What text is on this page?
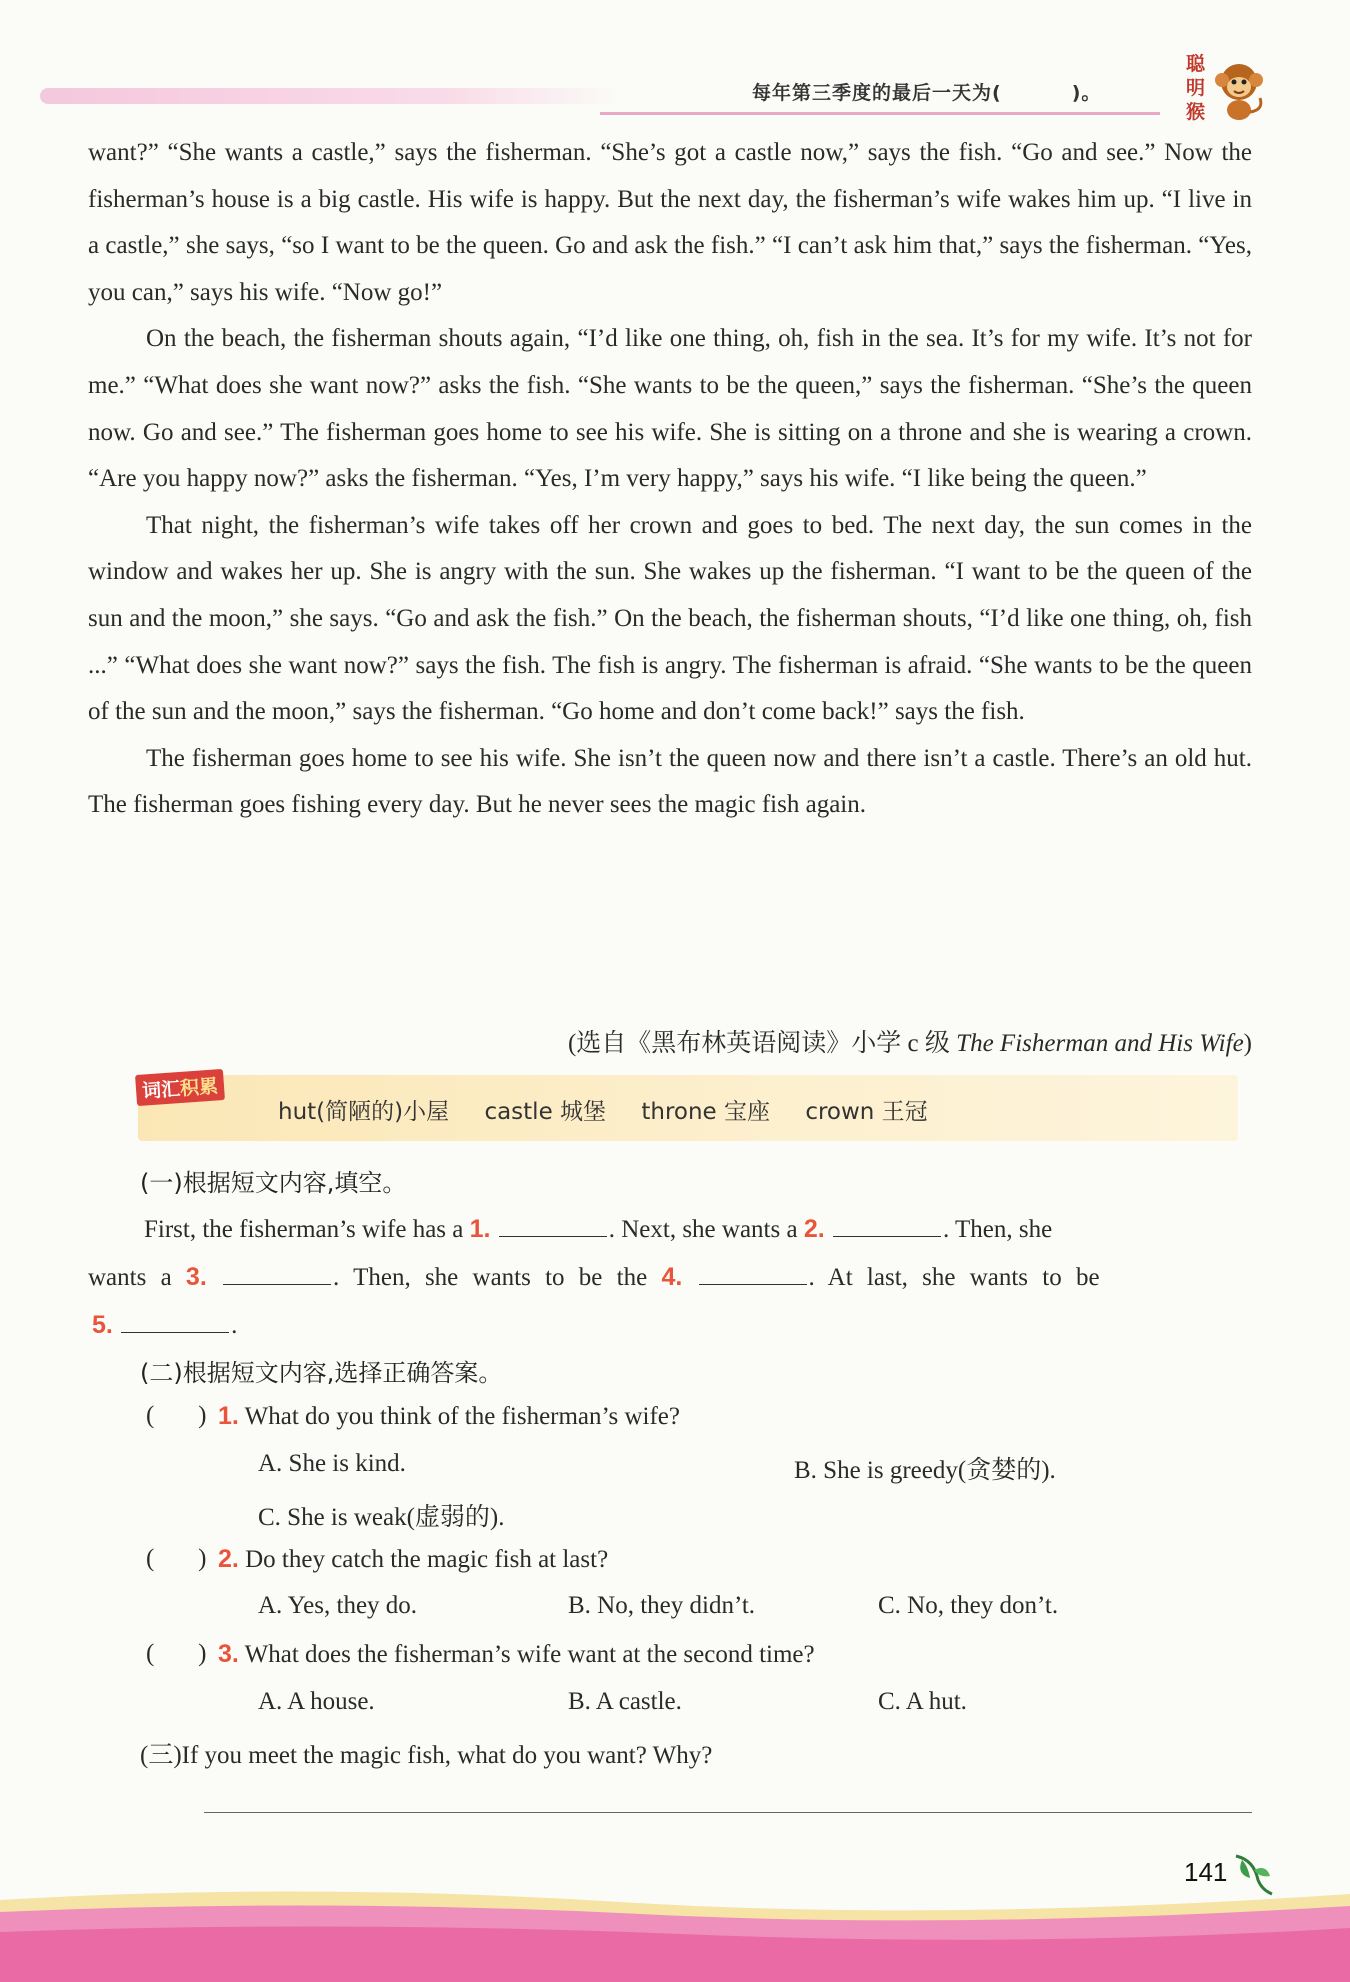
每年第三季度的最后一天为(	)。
聪明猴

want?” “She wants a castle,” says the fisherman. “She’s got a castle now,” says the fish. “Go and see.” Now the fisherman’s house is a big castle. His wife is happy. But the next day, the fisherman’s wife wakes him up. “I live in a castle,” she says, “so I want to be the queen. Go and ask the fish.” “I can’t ask him that,” says the fisherman. “Yes, you can,” says his wife. “Now go!”

On the beach, the fisherman shouts again, “I’d like one thing, oh, fish in the sea. It’s for my wife. It’s not for me.” “What does she want now?” asks the fish. “She wants to be the queen,” says the fisherman. “She’s the queen now. Go and see.” The fisherman goes home to see his wife. She is sitting on a throne and she is wearing a crown. “Are you happy now?” asks the fisherman. “Yes, I’m very happy,” says his wife. “I like being the queen.”

That night, the fisherman’s wife takes off her crown and goes to bed. The next day, the sun comes in the window and wakes her up. She is angry with the sun. She wakes up the fisherman. “I want to be the queen of the sun and the moon,” she says. “Go and ask the fish.” On the beach, the fisherman shouts, “I’d like one thing, oh, fish ...” “What does she want now?” says the fish. The fish is angry. The fisherman is afraid. “She wants to be the queen of the sun and the moon,” says the fisherman. “Go home and don’t come back!” says the fish.

The fisherman goes home to see his wife. She isn’t the queen now and there isn’t a castle. There’s an old hut. The fisherman goes fishing every day. But he never sees the magic fish again.

(选自《黑布林英语阅读》小学 c 级 The Fisherman and His Wife)
词汇积累
hut(简陋的)小屋 castle 城堡 throne 宝座 crown 王冠
(一)根据短文内容,填空。
First, the fisherman’s wife has a 1.	. Next, she wants a 2.	. Then, she
wants a 3.	. Then, she wants to be the 4.	. At last, she wants to be
5.	.
(二)根据短文内容,选择正确答案。
(       ) 1. What do you think of the fisherman’s wife?
A. She is kind.	B. She is greedy(贪婪的).
C. She is weak(虚弱的).
(       ) 2. Do they catch the magic fish at last?
A. Yes, they do.	B. No, they didn’t.	C. No, they don’t.
(       ) 3. What does the fisherman’s wife want at the second time?
A. A house.	B. A castle.	C. A hut.
(三)If you meet the magic fish, what do you want? Why?
141
